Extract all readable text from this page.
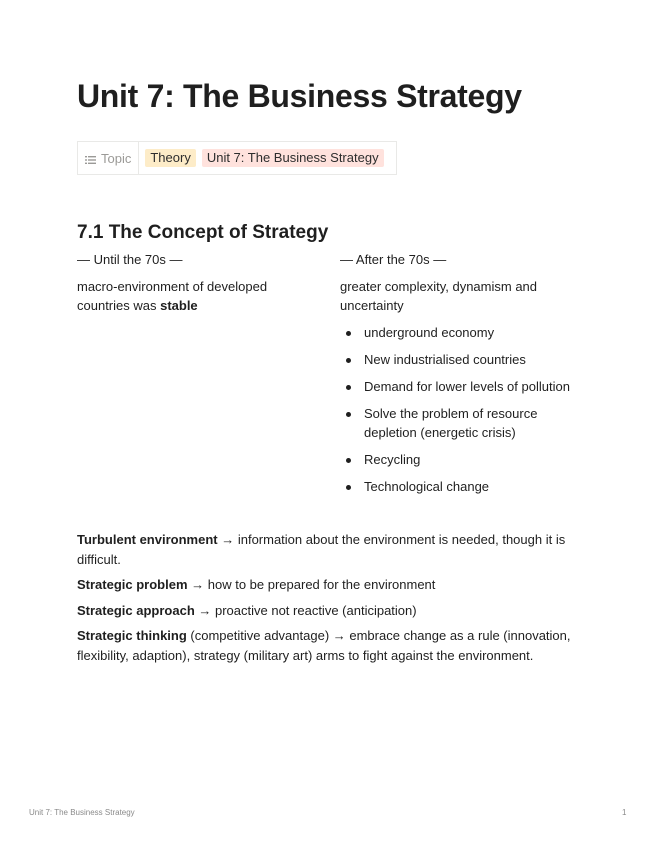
Unit 7: The Business Strategy
Topic	Theory	Unit 7: The Business Strategy
7.1 The Concept of Strategy

— Until the 70s —

macro-environment of developed countries was stable

— After the 70s —

greater complexity, dynamism and uncertainty

underground economy
New industrialised countries
Demand for lower levels of pollution
Solve the problem of resource depletion (energetic crisis)
Recycling
Technological change

Turbulent environment → information about the environment is needed, though it is difficult.

Strategic problem → how to be prepared for the environment

Strategic approach → proactive not reactive (anticipation)

Strategic thinking (competitive advantage) → embrace change as a rule (innovation, flexibility, adaption), strategy (military art) arms to fight against the environment.

Unit 7: The Business Strategy	1
